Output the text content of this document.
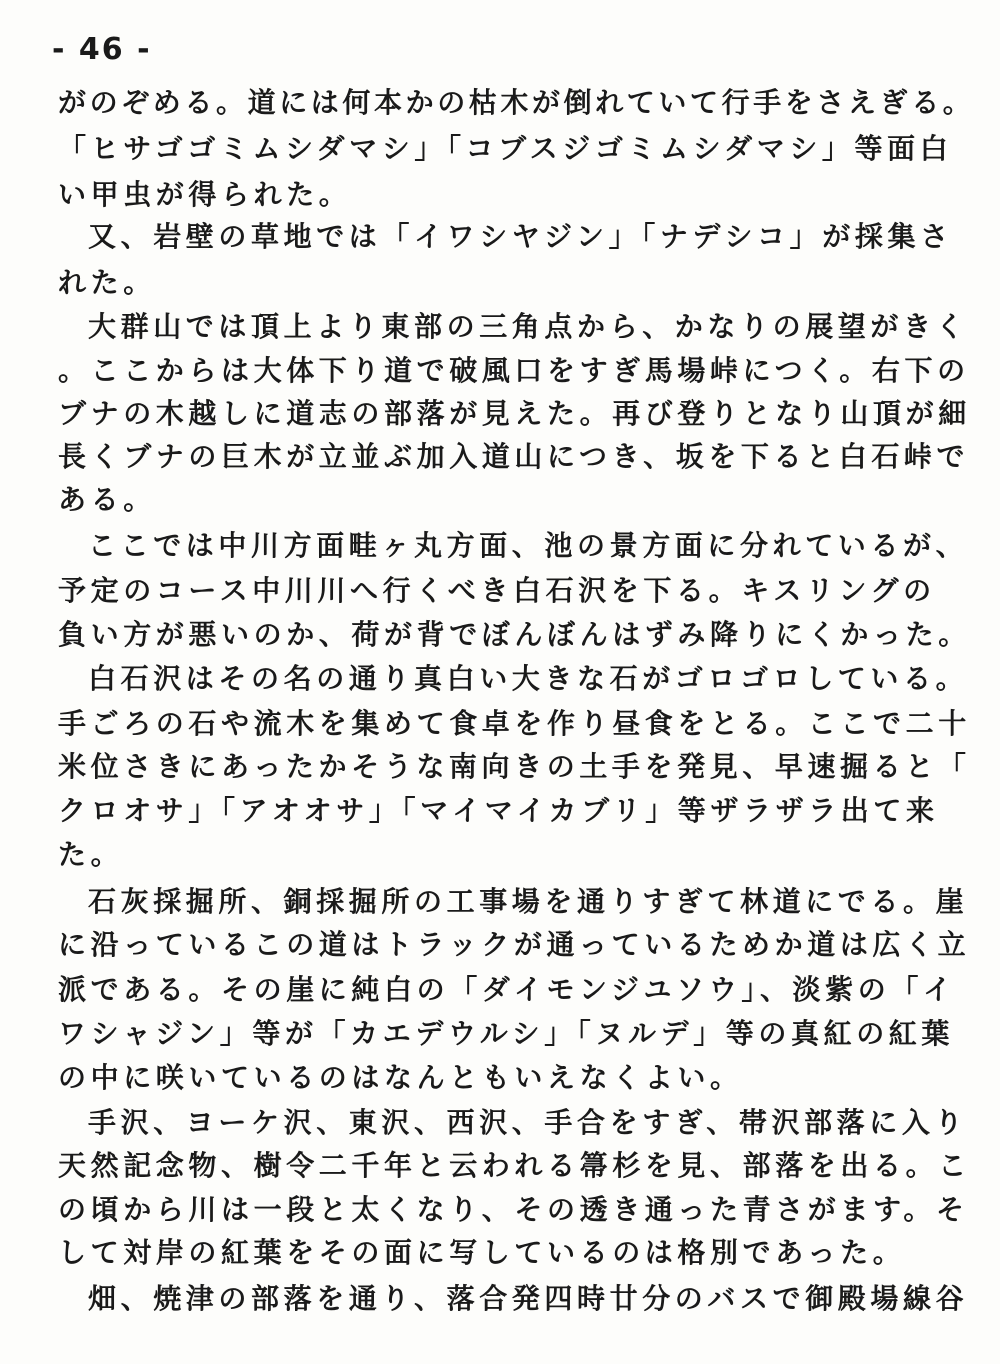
- 46 -
がのぞめる。道には何本かの枯木が倒れていて行手をさえぎる。
「ヒサゴゴミムシダマシ」「コブスジゴミムシダマシ」等面白
い甲虫が得られた。
又、岩壁の草地では「イワシヤジン」「ナデシコ」が採集さ
れた。
大群山では頂上より東部の三角点から、かなりの展望がきく
。ここからは大体下り道で破風口をすぎ馬場峠につく。右下の
ブナの木越しに道志の部落が見えた。再び登りとなり山頂が細
長くブナの巨木が立並ぶ加入道山につき、坂を下ると白石峠で
ある。
ここでは中川方面畦ヶ丸方面、池の景方面に分れているが、
予定のコース中川川へ行くべき白石沢を下る。キスリングの
負い方が悪いのか、荷が背でぼんぼんはずみ降りにくかった。
白石沢はその名の通り真白い大きな石がゴロゴロしている。
手ごろの石や流木を集めて食卓を作り昼食をとる。ここで二十
米位さきにあったかそうな南向きの土手を発見、早速掘ると「
クロオサ」「アオオサ」「マイマイカブリ」等ザラザラ出て来
た。
石灰採掘所、銅採掘所の工事場を通りすぎて林道にでる。崖
に沿っているこの道はトラックが通っているためか道は広く立
派である。その崖に純白の「ダイモンジユソウ」、淡紫の「イ
ワシャジン」等が「カエデウルシ」「ヌルデ」等の真紅の紅葉
の中に咲いているのはなんともいえなくよい。
手沢、ヨーケ沢、東沢、西沢、手合をすぎ、帯沢部落に入り
天然記念物、樹令二千年と云われる箒杉を見、部落を出る。こ
の頃から川は一段と太くなり、その透き通った青さがます。そ
して対岸の紅葉をその面に写しているのは格別であった。
畑、焼津の部落を通り、落合発四時廿分のバスで御殿場線谷
